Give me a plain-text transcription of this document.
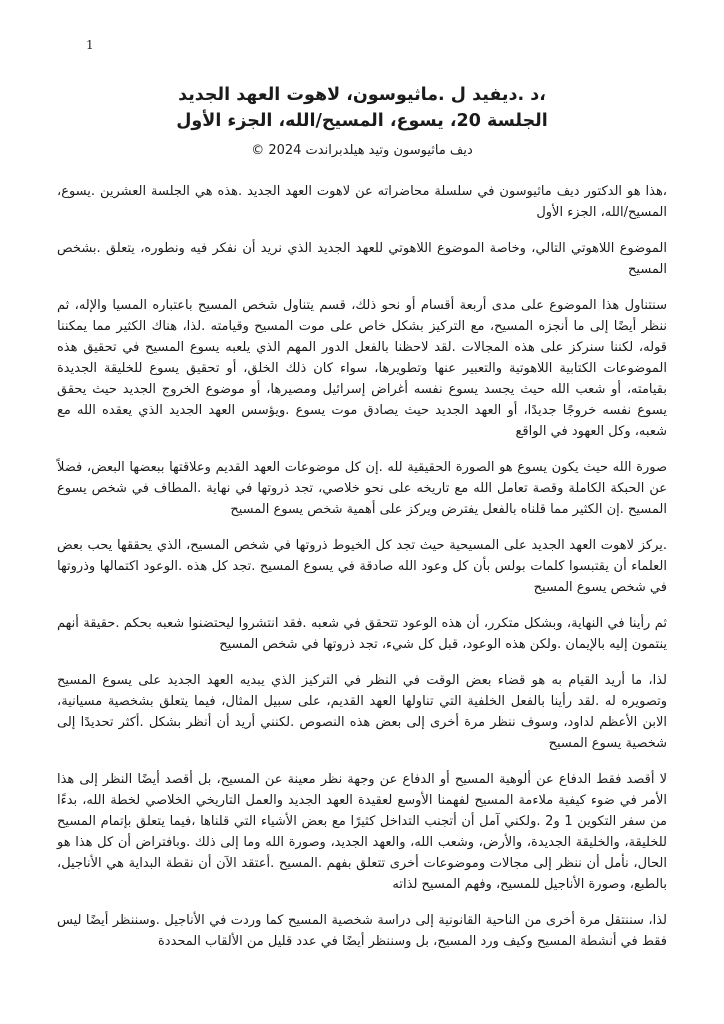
1
،د .ديفيد ل .ماثيوسون، لاهوت العهد الجديد
الجلسة 20، يسوع، المسيح/الله، الجزء الأول
ديف ماثيوسون وتيد هيلدبراندت 2024 ©

،هذا هو الدكتور ديف ماثيوسون في سلسلة محاضراته عن لاهوت العهد الجديد .هذه هي الجلسة العشرين .يسوع، المسيح/الله، الجزء الأول

الموضوع اللاهوتي التالي، وخاصة الموضوع اللاهوتي للعهد الجديد الذي نريد أن نفكر فيه ونطوره، يتعلق .بشخص المسيح

سنتناول هذا الموضوع على مدى أربعة أقسام أو نحو ذلك، قسم يتناول شخص المسيح باعتباره المسيا والإله، ثم ننظر أيضًا إلى ما أنجزه المسيح، مع التركيز بشكل خاص على موت المسيح وقيامته .لذا، هناك الكثير مما يمكننا قوله، لكننا سنركز على هذه المجالات .لقد لاحظنا بالفعل الدور المهم الذي يلعبه يسوع المسيح في تحقيق هذه الموضوعات الكتابية اللاهوتية والتعبير عنها وتطويرها، سواء كان ذلك الخلق، أو تحقيق يسوع للخليقة الجديدة بقيامته، أو شعب الله حيث يجسد يسوع نفسه أغراض إسرائيل ومصيرها، أو موضوع الخروج الجديد حيث يحقق يسوع نفسه خروجًا جديدًا، أو العهد الجديد حيث يصادق موت يسوع .ويؤسس العهد الجديد الذي يعقده الله مع شعبه، وكل العهود في الواقع

صورة الله حيث يكون يسوع هو الصورة الحقيقية لله .إن كل موضوعات العهد القديم وعلاقتها ببعضها البعض، فضلاً عن الحبكة الكاملة وقصة تعامل الله مع تاريخه على نحو خلاصي، تجد ذروتها في نهاية .المطاف في شخص يسوع المسيح .إن الكثير مما قلناه بالفعل يفترض ويركز على أهمية شخص يسوع المسيح

.يركز لاهوت العهد الجديد على المسيحية حيث تجد كل الخيوط ذروتها في شخص المسيح، الذي يحققها يحب بعض العلماء أن يقتبسوا كلمات بولس بأن كل وعود الله صادقة في يسوع المسيح .تجد كل هذه .الوعود اكتمالها وذروتها في شخص يسوع المسيح

ثم رأينا في النهاية، وبشكل متكرر، أن هذه الوعود تتحقق في شعبه .فقد انتشروا ليحتضنوا شعبه بحكم .حقيقة أنهم ينتمون إليه بالإيمان .ولكن هذه الوعود، قبل كل شيء، تجد ذروتها في شخص المسيح

لذا، ما أريد القيام به هو قضاء بعض الوقت في النظر في التركيز الذي يبديه العهد الجديد على يسوع المسيح وتصويره له .لقد رأينا بالفعل الخلفية التي تناولها العهد القديم، على سبيل المثال، فيما يتعلق بشخصية مسيانية، الابن الأعظم لداود، وسوف ننظر مرة أخرى إلى بعض هذه النصوص .لكنني أريد أن أنظر بشكل .أكثر تحديدًا إلى شخصية يسوع المسيح

لا أقصد فقط الدفاع عن ألوهية المسيح أو الدفاع عن وجهة نظر معينة عن المسيح، بل أقصد أيضًا النظر إلى هذا الأمر في ضوء كيفية ملاءمة المسيح لفهمنا الأوسع لعقيدة العهد الجديد والعمل التاريخي الخلاصي لخطة الله، بدءًا من سفر التكوين 1 و2 .ولكني آمل أن أتجنب التداخل كثيرًا مع بعض الأشياء التي قلناها ،فيما يتعلق بإتمام المسيح للخليقة، والخليقة الجديدة، والأرض، وشعب الله، والعهد الجديد، وصورة الله وما إلى ذلك .وبافتراض أن كل هذا هو الحال، نأمل أن ننظر إلى مجالات وموضوعات أخرى تتعلق بفهم .المسيح .أعتقد الآن أن نقطة البداية هي الأناجيل، بالطبع، وصورة الأناجيل للمسيح، وفهم المسيح لذاته

لذا، سننتقل مرة أخرى من الناحية القانونية إلى دراسة شخصية المسيح كما وردت في الأناجيل .وسننظر أيضًا ليس فقط في أنشطة المسيح وكيف ورد المسيح، بل وسننظر أيضًا في عدد قليل من الألقاب المحددة
